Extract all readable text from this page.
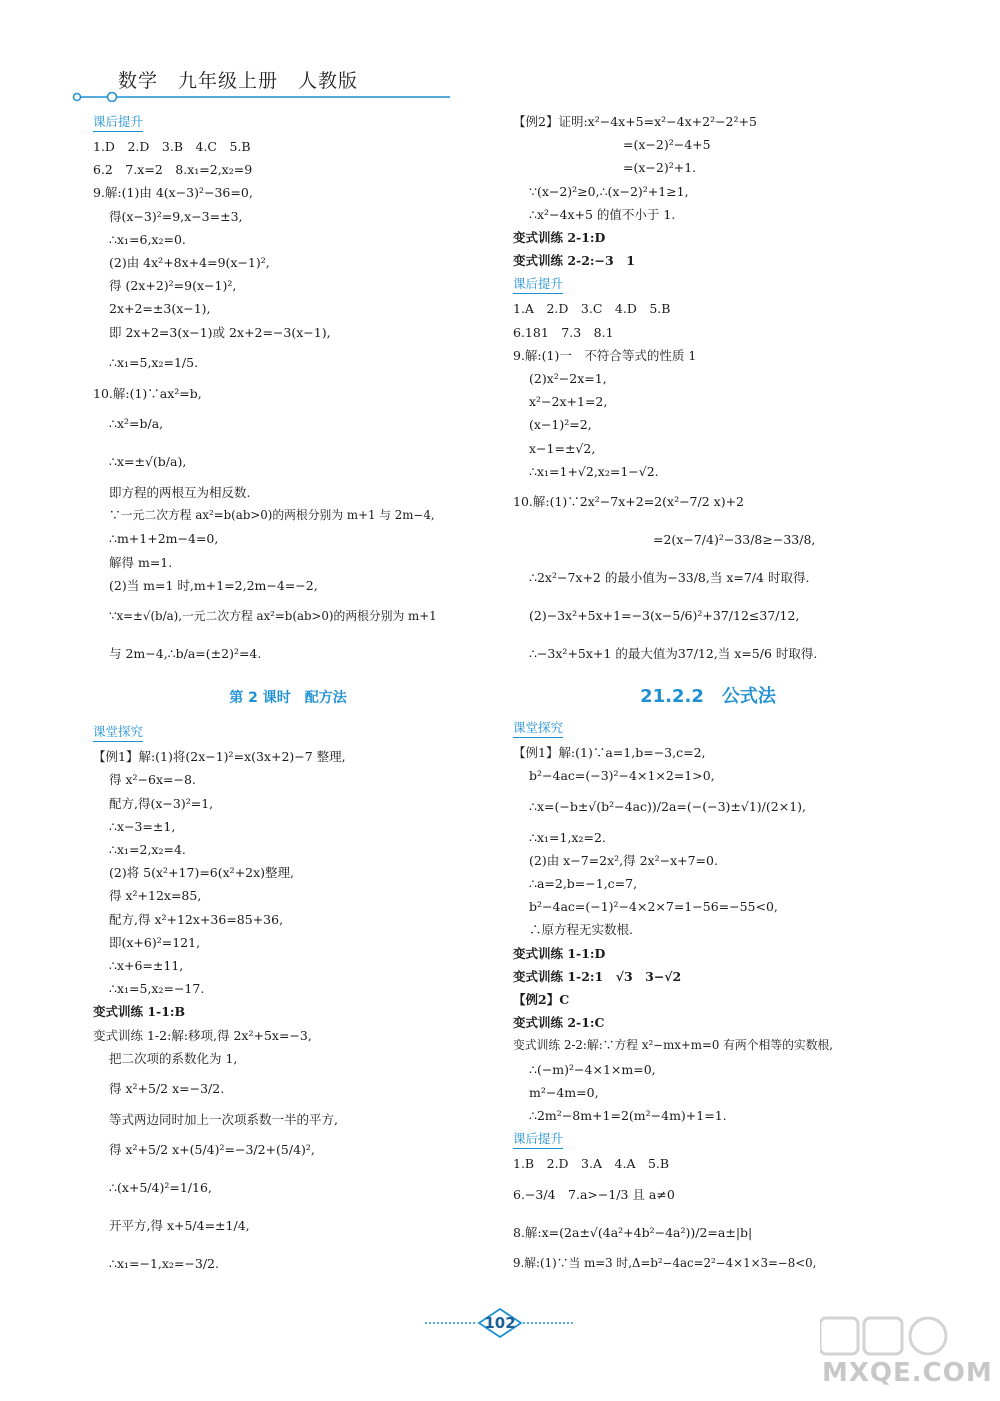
数学　九年级上册　人教版
课后提升
1.D　2.D　3.B　4.C　5.B
6.2　7.x=2　8.x₁=2,x₂=9
9.解:(1)由 4(x−3)²−36=0,
得(x−3)²=9,x−3=±3,
∴x₁=6,x₂=0.
(2)由 4x²+8x+4=9(x−1)²,
得 (2x+2)²=9(x−1)²,
2x+2=±3(x−1),
即 2x+2=3(x−1)或 2x+2=−3(x−1),
∴x₁=5,x₂=1/5.
10.解:(1)∵ax²=b,
∴x²=b/a,
∴x=±√(b/a),
即方程的两根互为相反数.
∵一元二次方程 ax²=b(ab>0)的两根分别为 m+1 与 2m−4,
∴m+1+2m−4=0,
解得 m=1.
(2)当 m=1 时,m+1=2,2m−4=−2,
∵x=±√(b/a),一元二次方程 ax²=b(ab>0)的两根分别为 m+1
与 2m−4,∴b/a=(±2)²=4.
第 2 课时　配方法
课堂探究
【例1】解:(1)将(2x−1)²=x(3x+2)−7 整理,
得 x²−6x=−8.
配方,得(x−3)²=1,
∴x−3=±1,
∴x₁=2,x₂=4.
(2)将 5(x²+17)=6(x²+2x)整理,
得 x²+12x=85,
配方,得 x²+12x+36=85+36,
即(x+6)²=121,
∴x+6=±11,
∴x₁=5,x₂=−17.
变式训练 1-1:B
变式训练 1-2:解:移项,得 2x²+5x=−3,
把二次项的系数化为 1,
得 x²+5/2 x=−3/2.
等式两边同时加上一次项系数一半的平方,
得 x²+5/2 x+(5/4)²=−3/2+(5/4)²,
∴(x+5/4)²=1/16,
开平方,得 x+5/4=±1/4,
∴x₁=−1,x₂=−3/2.
【例2】证明:x²−4x+5=x²−4x+2²−2²+5
=(x−2)²−4+5
=(x−2)²+1.
∵(x−2)²≥0,∴(x−2)²+1≥1,
∴x²−4x+5 的值不小于 1.
变式训练 2-1:D
变式训练 2-2:−3　1
课后提升
1.A　2.D　3.C　4.D　5.B
6.181　7.3　8.1
9.解:(1)一　不符合等式的性质 1
(2)x²−2x=1,
x²−2x+1=2,
(x−1)²=2,
x−1=±√2,
∴x₁=1+√2,x₂=1−√2.
10.解:(1)∵2x²−7x+2=2(x²−7/2 x)+2
=2(x−7/4)²−33/8≥−33/8,
∴2x²−7x+2 的最小值为−33/8,当 x=7/4 时取得.
(2)−3x²+5x+1=−3(x−5/6)²+37/12≤37/12,
∴−3x²+5x+1 的最大值为37/12,当 x=5/6 时取得.
21.2.2　公式法
课堂探究
【例1】解:(1)∵a=1,b=−3,c=2,
b²−4ac=(−3)²−4×1×2=1>0,
∴x=(−b±√(b²−4ac))/2a=(−(−3)±√1)/(2×1),
∴x₁=1,x₂=2.
(2)由 x−7=2x²,得 2x²−x+7=0.
∴a=2,b=−1,c=7,
b²−4ac=(−1)²−4×2×7=1−56=−55<0,
∴原方程无实数根.
变式训练 1-1:D
变式训练 1-2:1　√3　3−√2
【例2】C
变式训练 2-1:C
变式训练 2-2:解:∵方程 x²−mx+m=0 有两个相等的实数根,
∴(−m)²−4×1×m=0,
m²−4m=0,
∴2m²−8m+1=2(m²−4m)+1=1.
课后提升
1.B　2.D　3.A　4.A　5.B
6.−3/4　7.a>−1/3 且 a≠0
8.解:x=(2a±√(4a²+4b²−4a²))/2=a±|b|
9.解:(1)∵当 m=3 时,Δ=b²−4ac=2²−4×1×3=−8<0,
102
MXQE.COM
